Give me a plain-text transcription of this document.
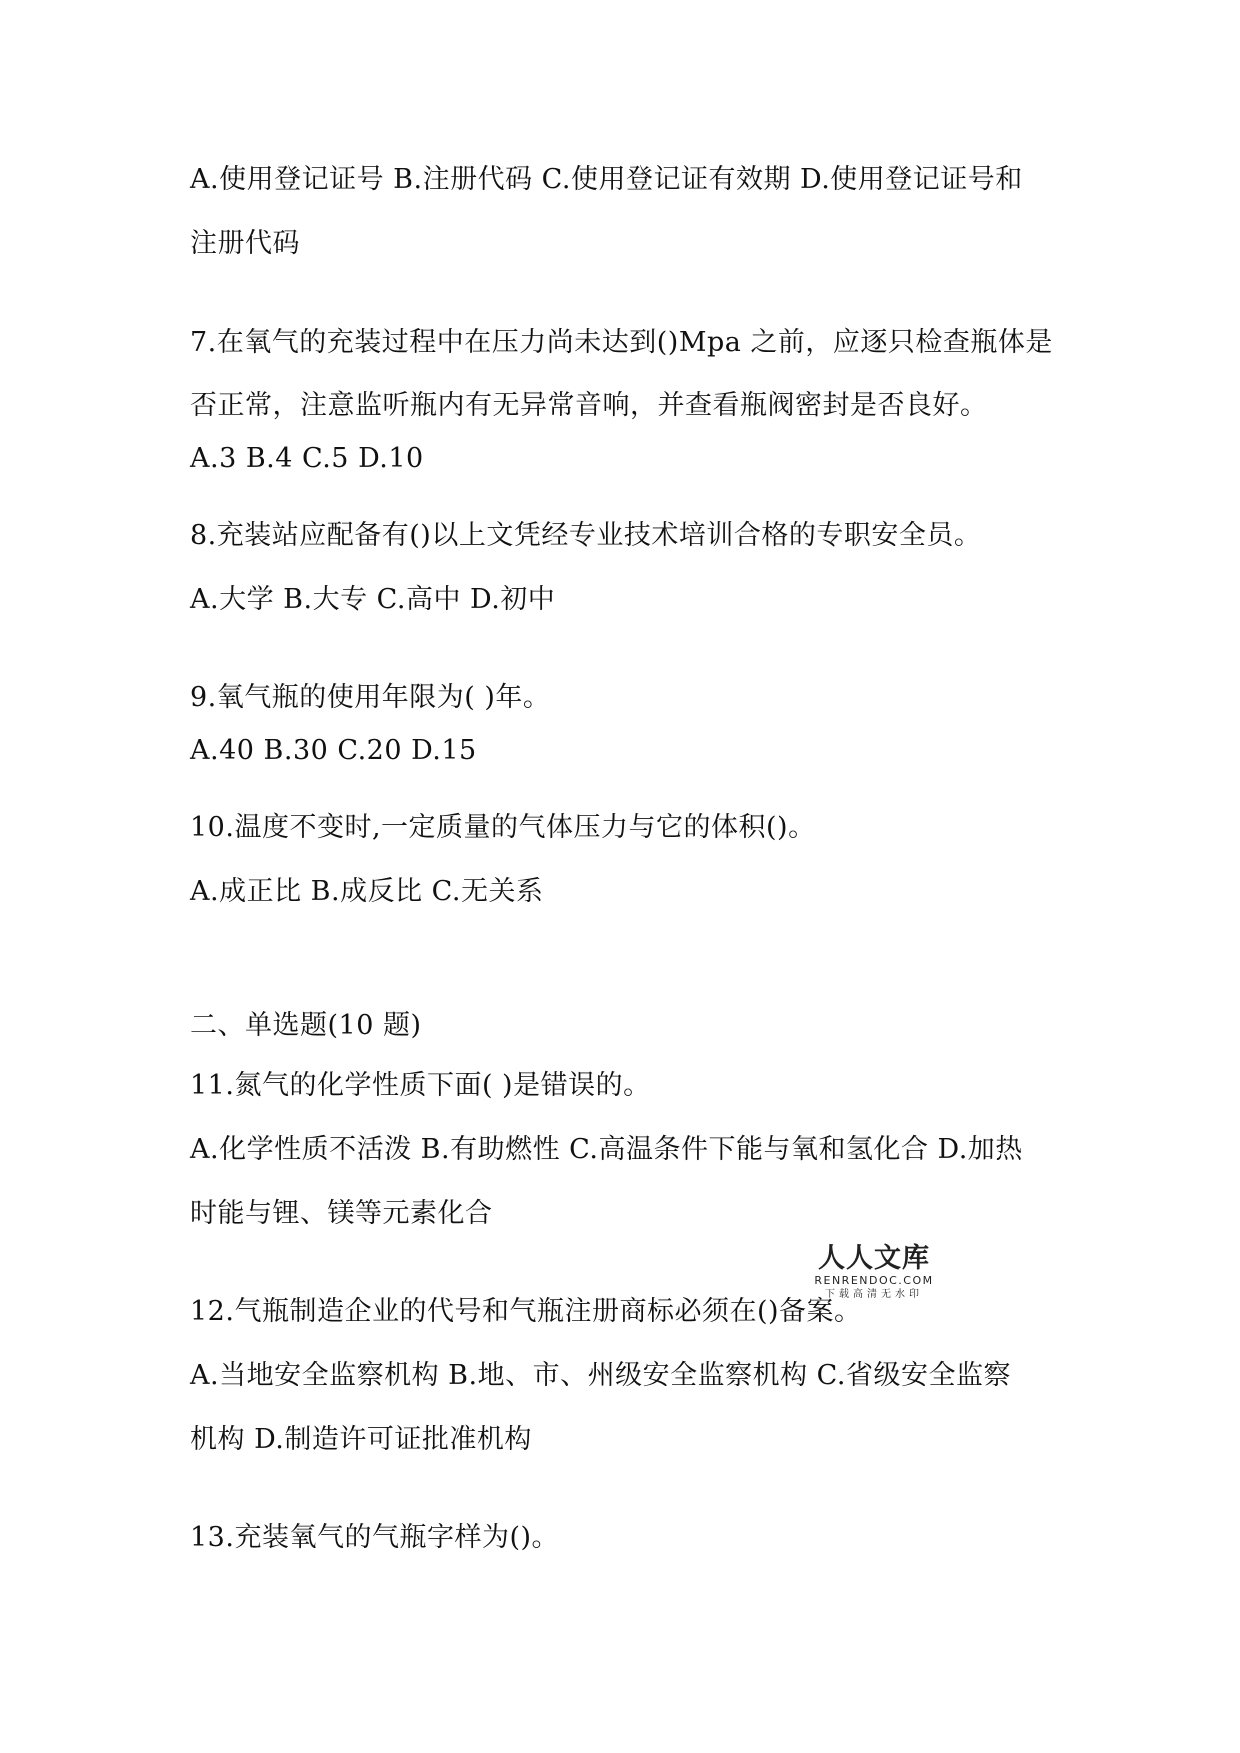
A.使用登记证号 B.注册代码 C.使用登记证有效期 D.使用登记证号和
注册代码
7.在氧气的充装过程中在压力尚未达到()Mpa 之前，应逐只检查瓶体是
否正常，注意监听瓶内有无异常音响，并查看瓶阀密封是否良好。
A.3 B.4 C.5 D.10
8.充装站应配备有()以上文凭经专业技术培训合格的专职安全员。
A.大学 B.大专 C.高中 D.初中
9.氧气瓶的使用年限为( )年。
A.40 B.30 C.20 D.15
10.温度不变时,一定质量的气体压力与它的体积()。
A.成正比 B.成反比 C.无关系
二、单选题(10 题)
11.氮气的化学性质下面( )是错误的。
A.化学性质不活泼 B.有助燃性 C.高温条件下能与氧和氢化合 D.加热
时能与锂、镁等元素化合
人人文库
RENRENDOC.COM
下载高清无水印
12.气瓶制造企业的代号和气瓶注册商标必须在()备案。
A.当地安全监察机构 B.地、市、州级安全监察机构 C.省级安全监察
机构 D.制造许可证批准机构
13.充装氧气的气瓶字样为()。
